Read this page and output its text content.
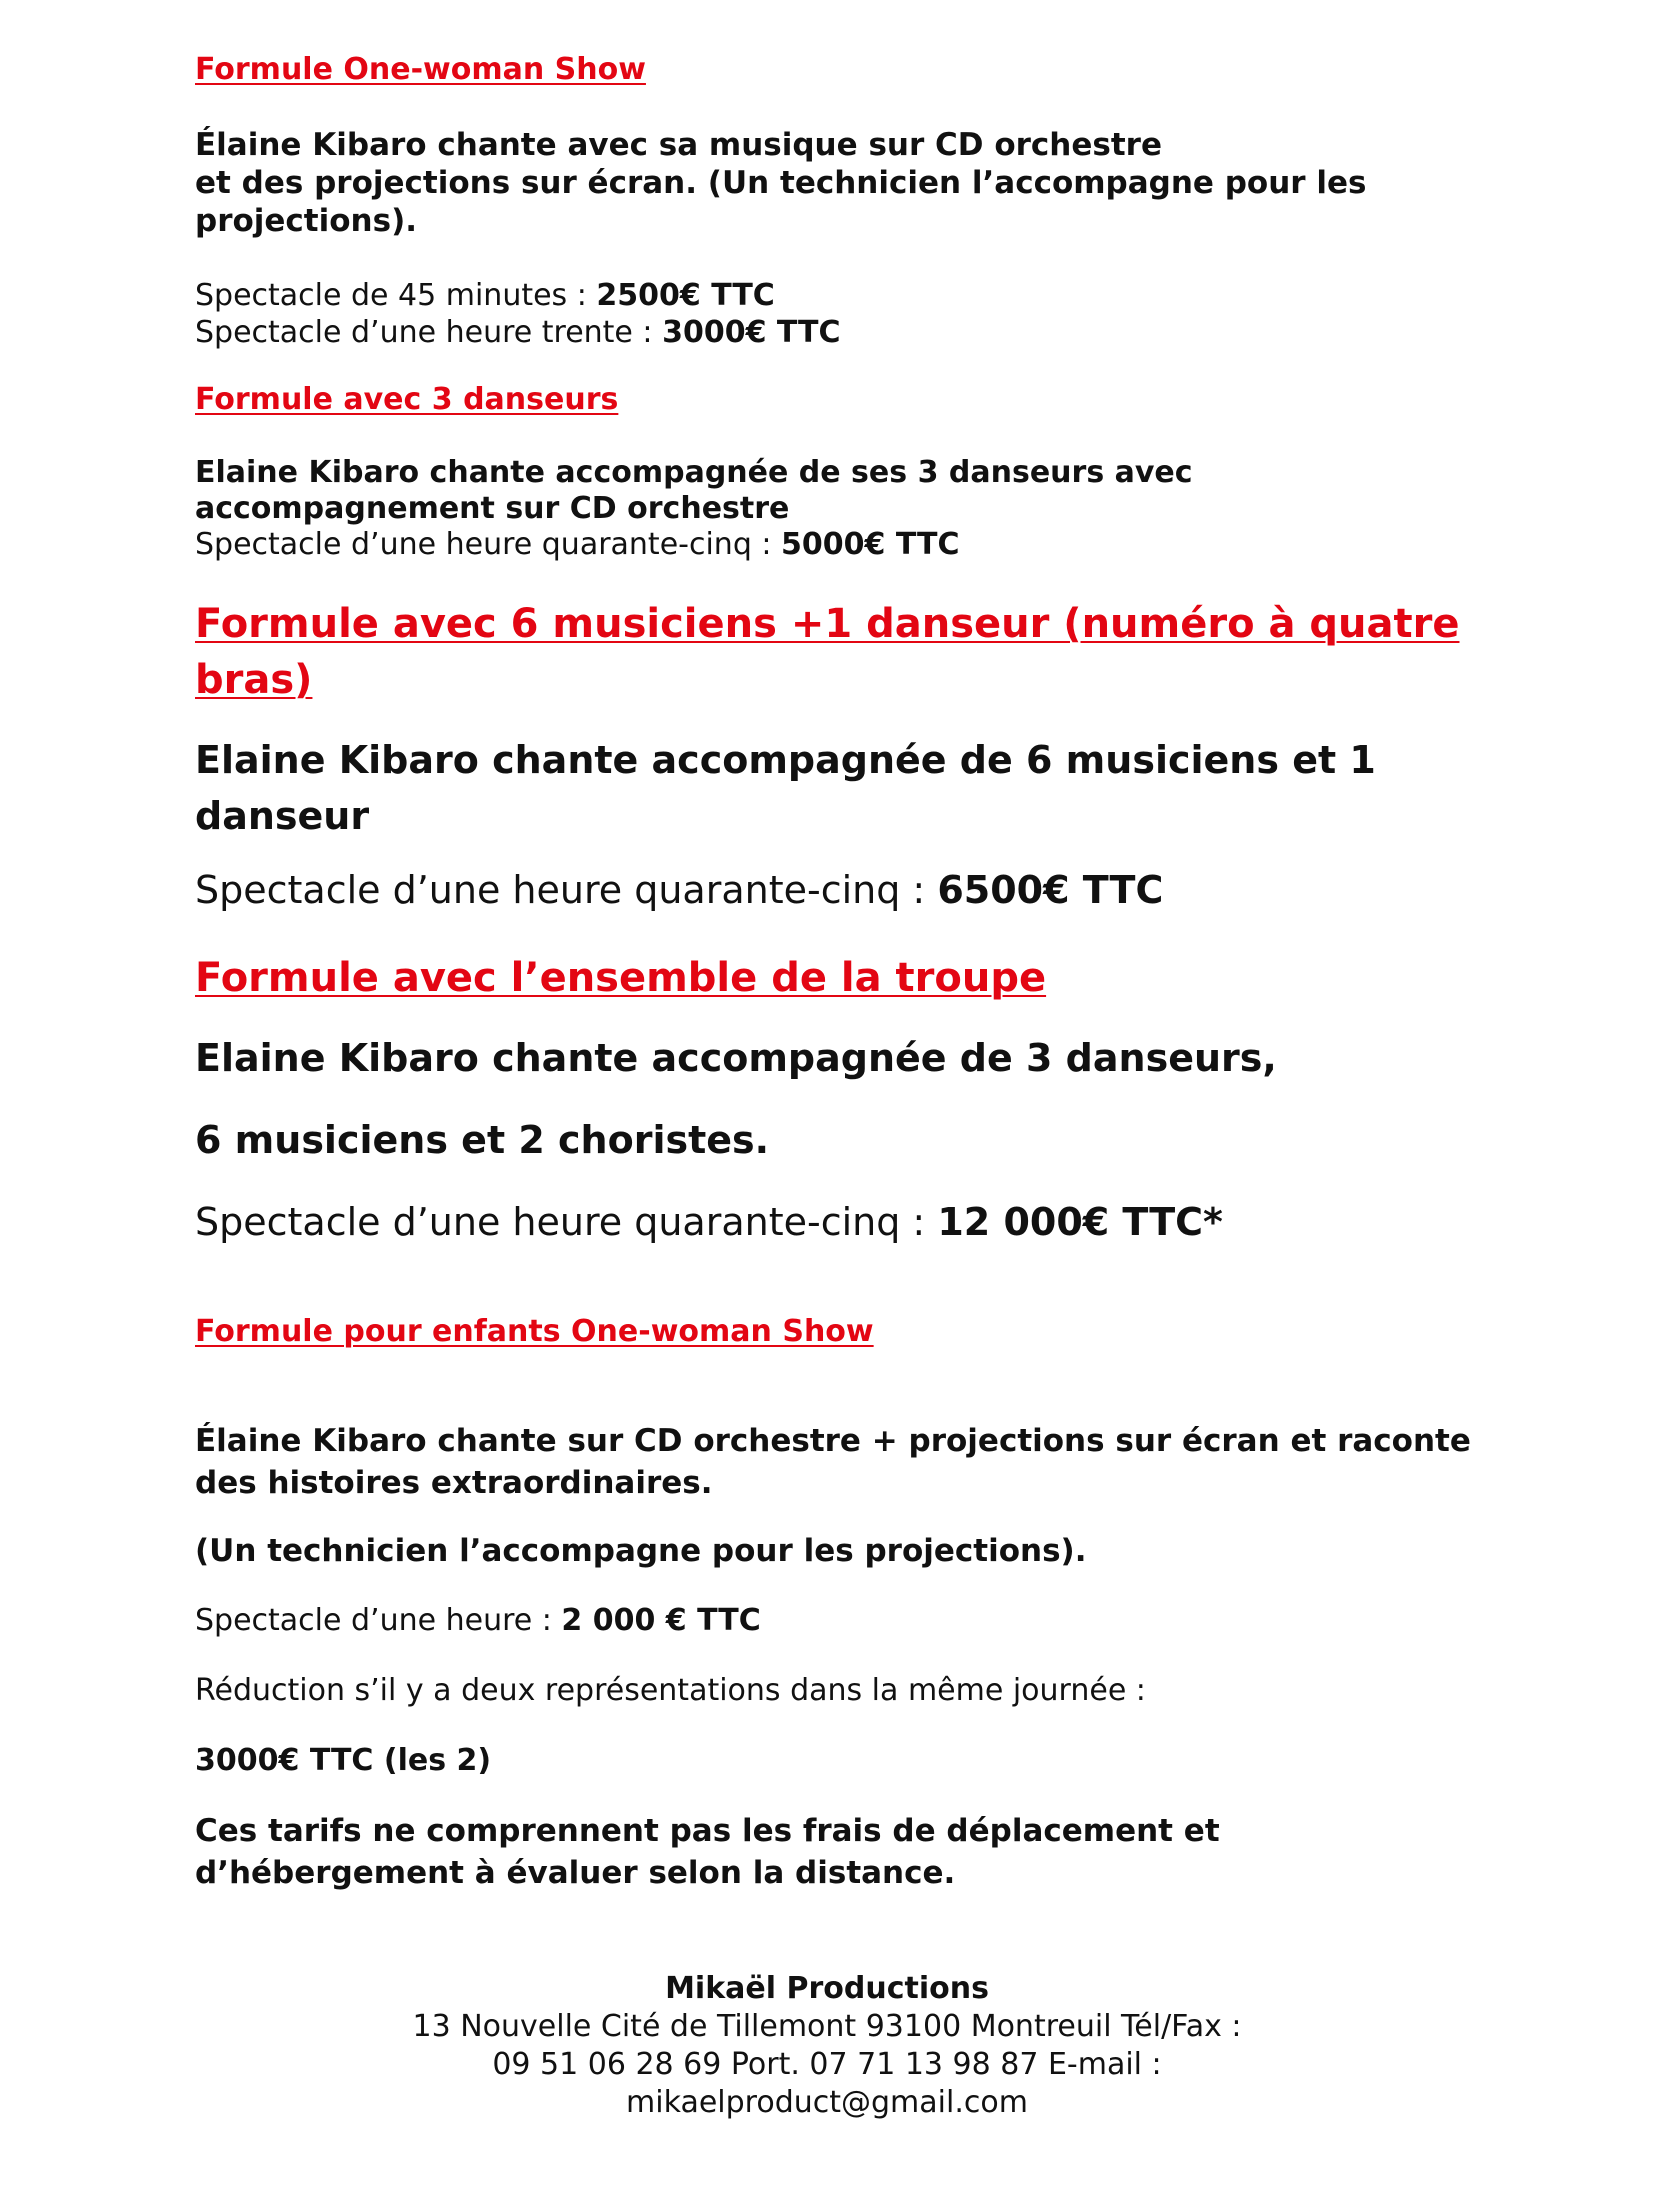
Formule One-woman Show
Élaine Kibaro chante avec sa musique sur CD orchestre
et des projections sur écran. (Un technicien l’accompagne pour les
projections).
Spectacle de 45 minutes : 2500€ TTC
Spectacle d’une heure trente : 3000€ TTC
Formule avec 3 danseurs
Elaine Kibaro chante accompagnée de ses 3 danseurs avec
accompagnement sur CD orchestre
Spectacle d’une heure quarante-cinq : 5000€ TTC
Formule avec 6 musiciens +1 danseur (numéro à quatre
bras)
Elaine Kibaro chante accompagnée de 6 musiciens et 1
danseur
Spectacle d’une heure quarante-cinq : 6500€ TTC
Formule avec l’ensemble de la troupe
Elaine Kibaro chante accompagnée de 3 danseurs,
6 musiciens et 2 choristes.
Spectacle d’une heure quarante-cinq : 12 000€ TTC*
Formule pour enfants One-woman Show
Élaine Kibaro chante sur CD orchestre + projections sur écran et raconte
des histoires extraordinaires.
(Un technicien l’accompagne pour les projections).
Spectacle d’une heure : 2 000 € TTC
Réduction s’il y a deux représentations dans la même journée :
3000€ TTC (les 2)
Ces tarifs ne comprennent pas les frais de déplacement et
d’hébergement à évaluer selon la distance.
Mikaël Productions
13 Nouvelle Cité de Tillemont 93100 Montreuil Tél/Fax :
09 51 06 28 69 Port. 07 71 13 98 87 E-mail :
mikaelproduct@gmail.com
